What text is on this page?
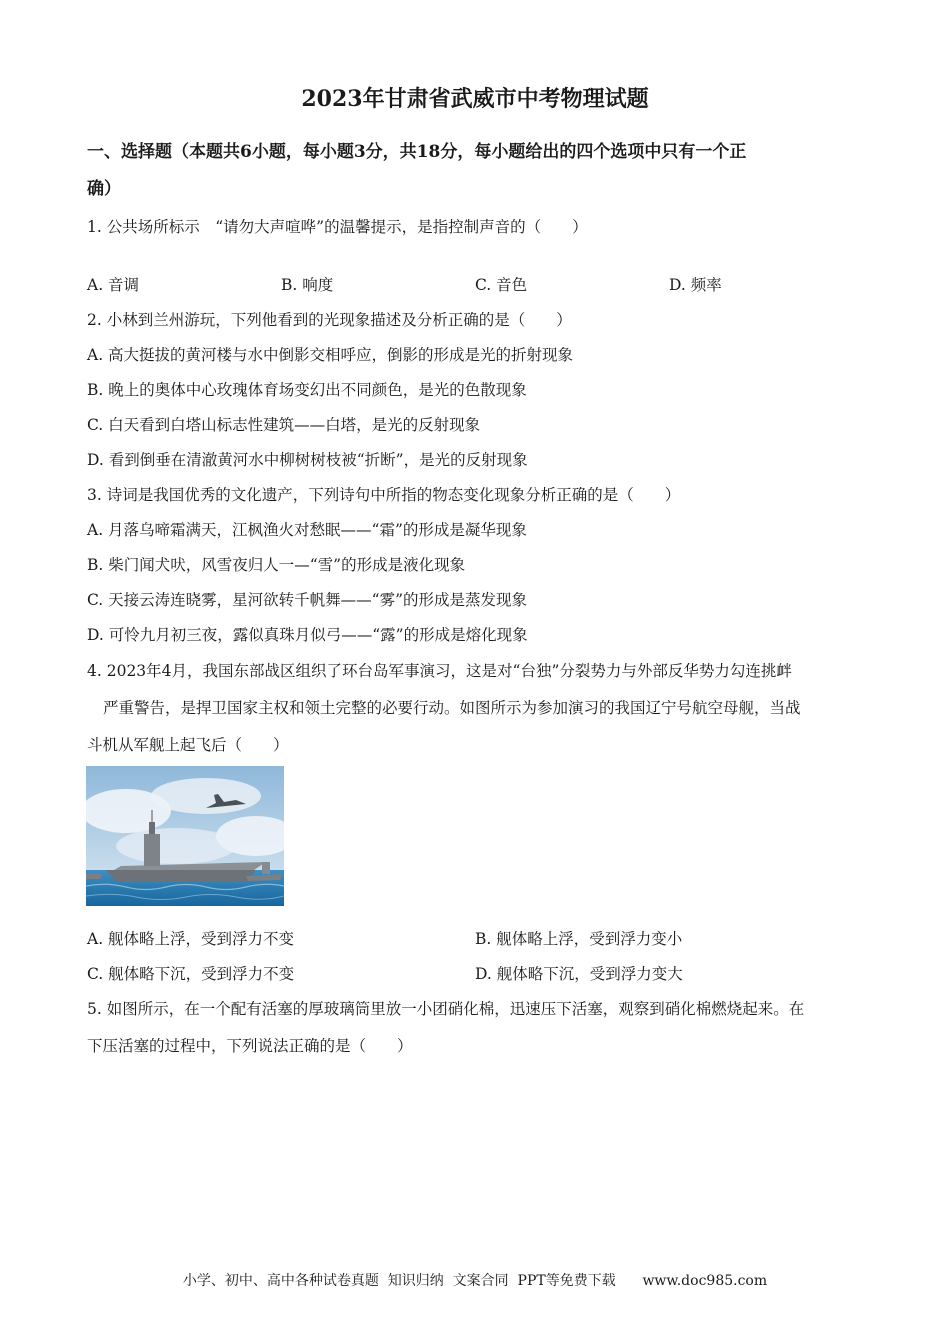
2023年甘肃省武威市中考物理试题
一、选择题（本题共6小题，每小题3分，共18分，每小题给出的四个选项中只有一个正
确）
1. 公共场所标示　“请勿大声喧哗”的温馨提示，是指控制声音的（　　）
A. 音调	B. 响度	C. 音色	D. 频率
2. 小林到兰州游玩，下列他看到的光现象描述及分析正确的是（　　）
A. 高大挺拔的黄河楼与水中倒影交相呼应，倒影的形成是光的折射现象
B. 晚上的奥体中心玫瑰体育场变幻出不同颜色，是光的色散现象
C. 白天看到白塔山标志性建筑——白塔，是光的反射现象
D. 看到倒垂在清澈黄河水中柳树树枝被“折断”，是光的反射现象
3. 诗词是我国优秀的文化遗产，下列诗句中所指的物态变化现象分析正确的是（　　）
A. 月落乌啼霜满天，江枫渔火对愁眠——“霜”的形成是凝华现象
B. 柴门闻犬吠，风雪夜归人一—“雪”的形成是液化现象
C. 天接云涛连晓雾，星河欲转千帆舞——“雾”的形成是蒸发现象
D. 可怜九月初三夜，露似真珠月似弓——“露”的形成是熔化现象
4. 2023年4月，我国东部战区组织了环台岛军事演习，这是对“台独”分裂势力与外部反华势力勾连挑衅
严重警告，是捍卫国家主权和领土完整的必要行动。如图所示为参加演习的我国辽宁号航空母舰，当战
斗机从军舰上起飞后（　　）
A. 舰体略上浮，受到浮力不变	B. 舰体略上浮，受到浮力变小
C. 舰体略下沉，受到浮力不变	D. 舰体略下沉，受到浮力变大
5. 如图所示，在一个配有活塞的厚玻璃筒里放一小团硝化棉，迅速压下活塞，观察到硝化棉燃烧起来。在
下压活塞的过程中，下列说法正确的是（　　）
小学、初中、高中各种试卷真题  知识归纳  文案合同  PPT等免费下载      www.doc985.com
